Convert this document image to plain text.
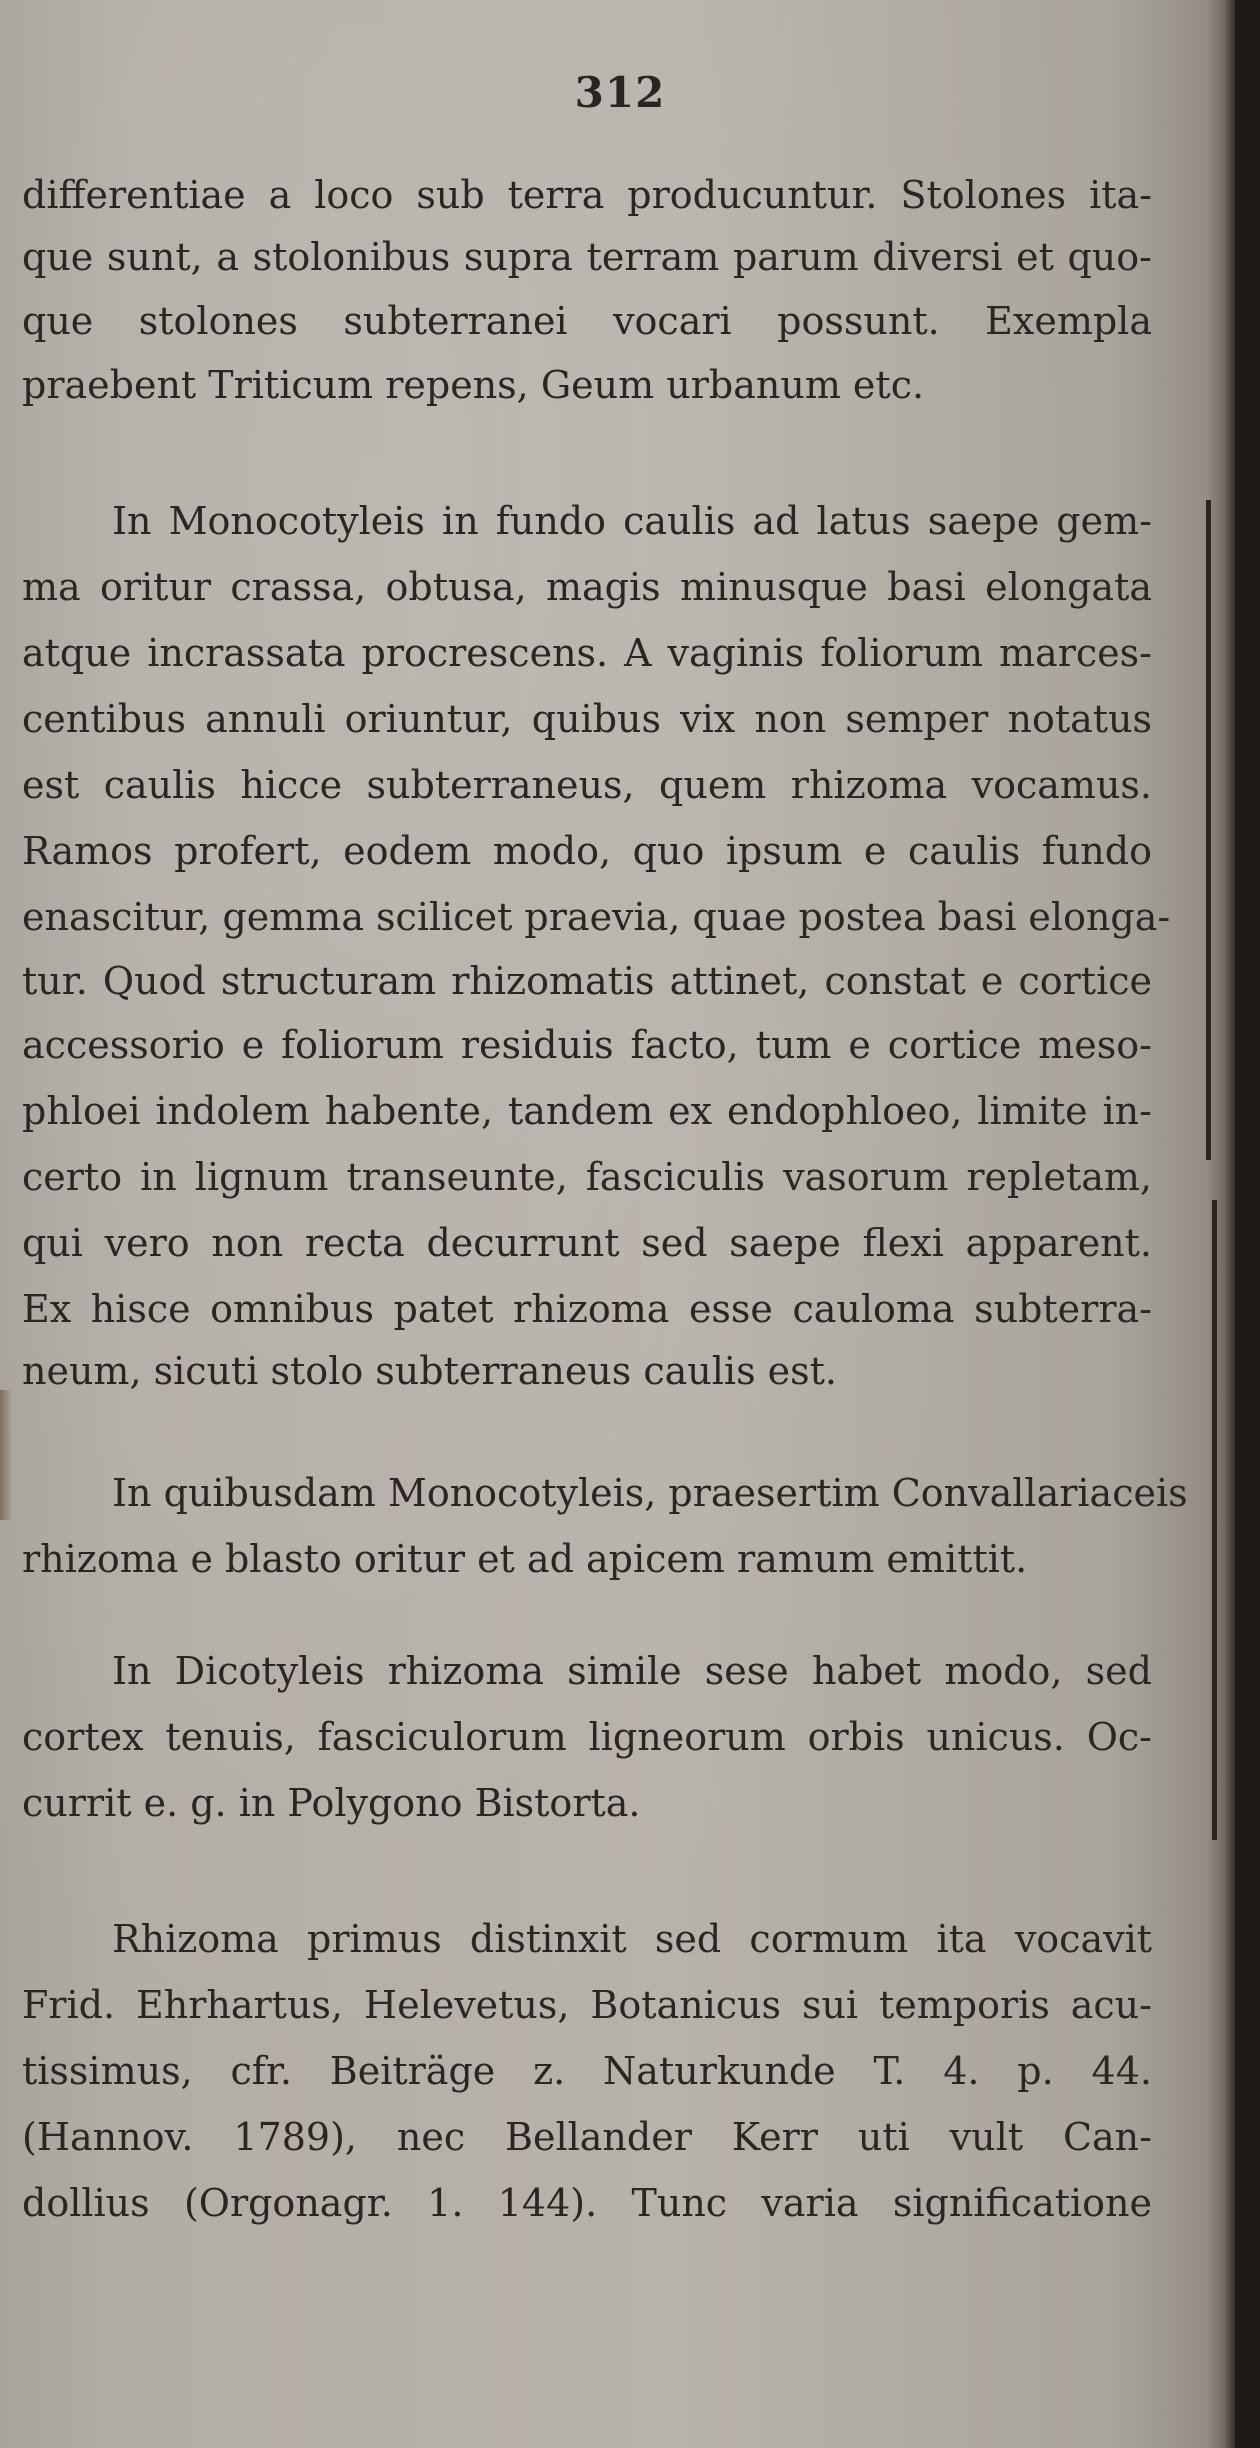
312
differentiae a loco sub terra producuntur. Stolones ita-
que sunt, a stolonibus supra terram parum diversi et quo-
que stolones subterranei vocari possunt. Exempla
praebent Triticum repens, Geum urbanum etc.
In Monocotyleis in fundo caulis ad latus saepe gem-
ma oritur crassa, obtusa, magis minusque basi elongata
atque incrassata procrescens. A vaginis foliorum marces-
centibus annuli oriuntur, quibus vix non semper notatus
est caulis hicce subterraneus, quem rhizoma vocamus.
Ramos profert, eodem modo, quo ipsum e caulis fundo
enascitur, gemma scilicet praevia, quae postea basi elonga-
tur. Quod structuram rhizomatis attinet, constat e cortice
accessorio e foliorum residuis facto, tum e cortice meso-
phloei indolem habente, tandem ex endophloeo, limite in-
certo in lignum transeunte, fasciculis vasorum repletam,
qui vero non recta decurrunt sed saepe flexi apparent.
Ex hisce omnibus patet rhizoma esse cauloma subterra-
neum, sicuti stolo subterraneus caulis est.
In quibusdam Monocotyleis, praesertim Convallariaceis
rhizoma e blasto oritur et ad apicem ramum emittit.
In Dicotyleis rhizoma simile sese habet modo, sed
cortex tenuis, fasciculorum ligneorum orbis unicus. Oc-
currit e. g. in Polygono Bistorta.
Rhizoma primus distinxit sed cormum ita vocavit
Frid. Ehrhartus, Helevetus, Botanicus sui temporis acu-
tissimus, cfr. Beiträge z. Naturkunde T. 4. p. 44.
(Hannov. 1789), nec Bellander Kerr uti vult Can-
dollius (Orgonagr. 1. 144). Tunc varia significatione
